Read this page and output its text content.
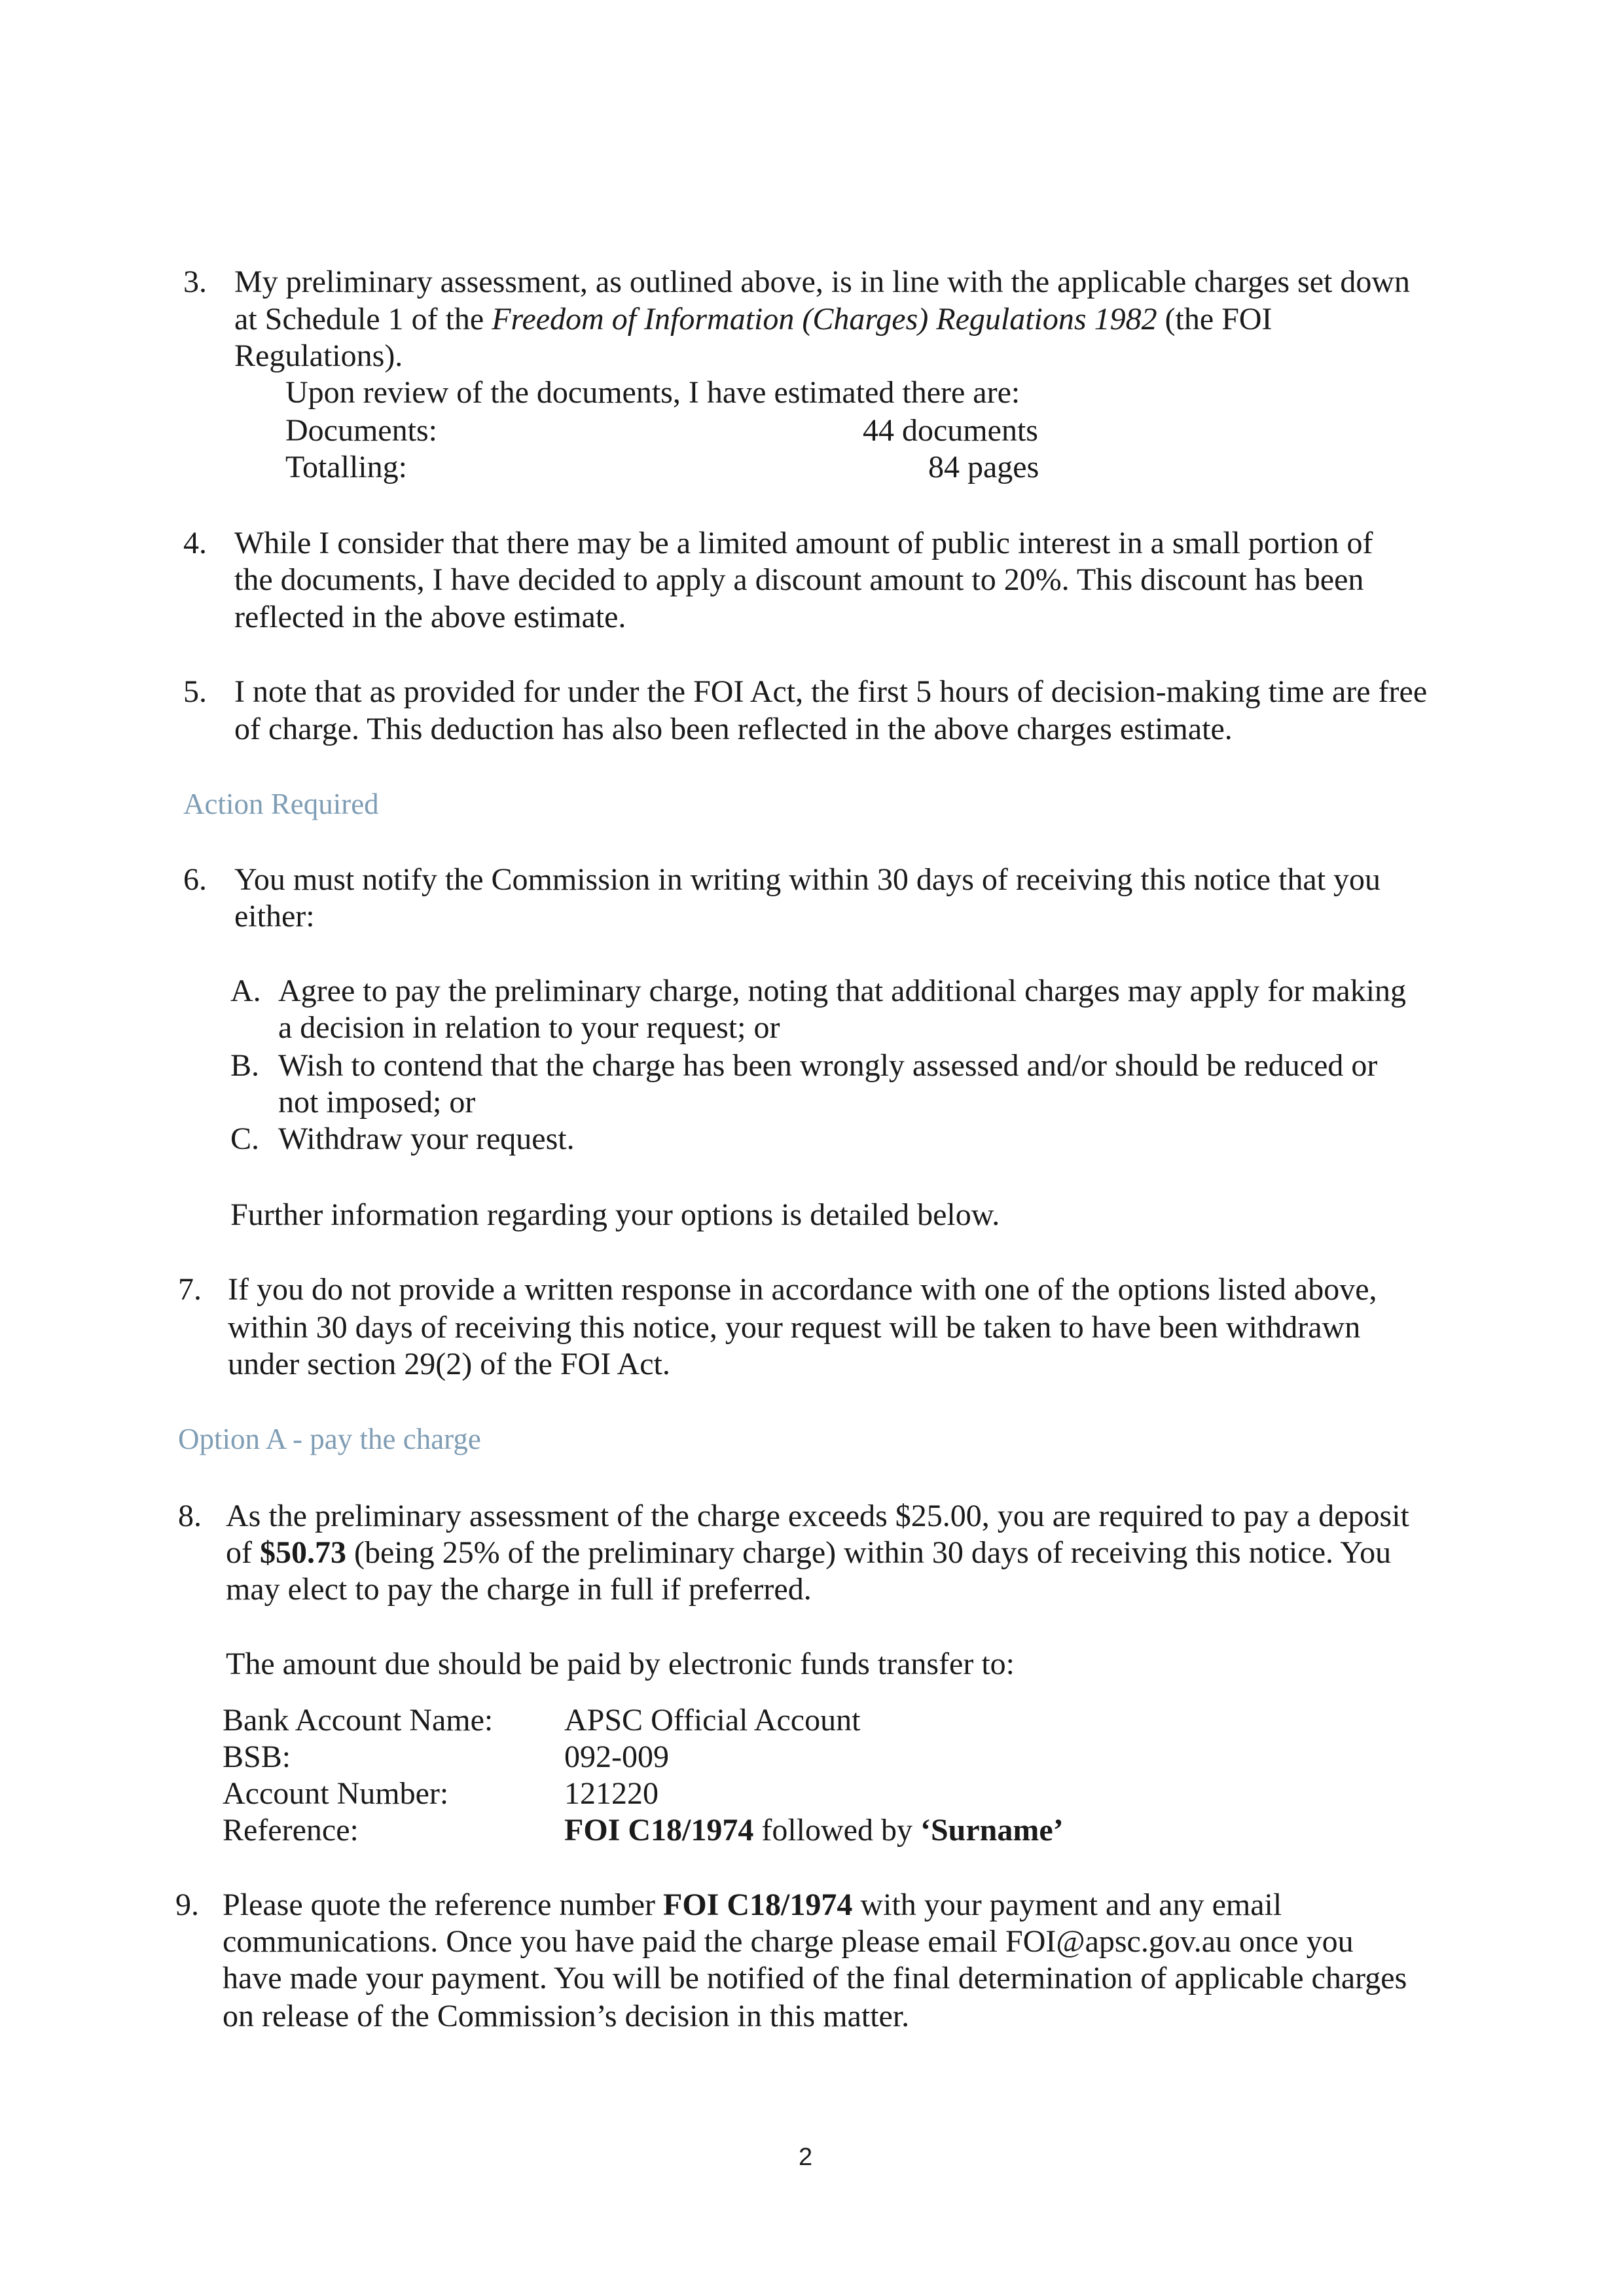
3. My preliminary assessment, as outlined above, is in line with the applicable charges set down
at Schedule 1 of the Freedom of Information (Charges) Regulations 1982 (the FOI
Regulations).
Upon review of the documents, I have estimated there are:
Documents:	44 documents
Totalling:	84 pages
4. While I consider that there may be a limited amount of public interest in a small portion of
the documents, I have decided to apply a discount amount to 20%. This discount has been
reflected in the above estimate.
5. I note that as provided for under the FOI Act, the first 5 hours of decision-making time are free
of charge. This deduction has also been reflected in the above charges estimate.
Action Required
6. You must notify the Commission in writing within 30 days of receiving this notice that you
either:
A. Agree to pay the preliminary charge, noting that additional charges may apply for making
a decision in relation to your request; or
B. Wish to contend that the charge has been wrongly assessed and/or should be reduced or
not imposed; or
C. Withdraw your request.
Further information regarding your options is detailed below.
7. If you do not provide a written response in accordance with one of the options listed above,
within 30 days of receiving this notice, your request will be taken to have been withdrawn
under section 29(2) of the FOI Act.
Option A - pay the charge
8. As the preliminary assessment of the charge exceeds $25.00, you are required to pay a deposit
of $50.73 (being 25% of the preliminary charge) within 30 days of receiving this notice. You
may elect to pay the charge in full if preferred.
The amount due should be paid by electronic funds transfer to:
Bank Account Name: APSC Official Account
BSB:	092-009
Account Number:	121220
Reference:	FOI C18/1974 followed by ‘Surname’
9. Please quote the reference number FOI C18/1974 with your payment and any email
communications. Once you have paid the charge please email FOI@apsc.gov.au once you
have made your payment. You will be notified of the final determination of applicable charges
on release of the Commission’s decision in this matter.
2
